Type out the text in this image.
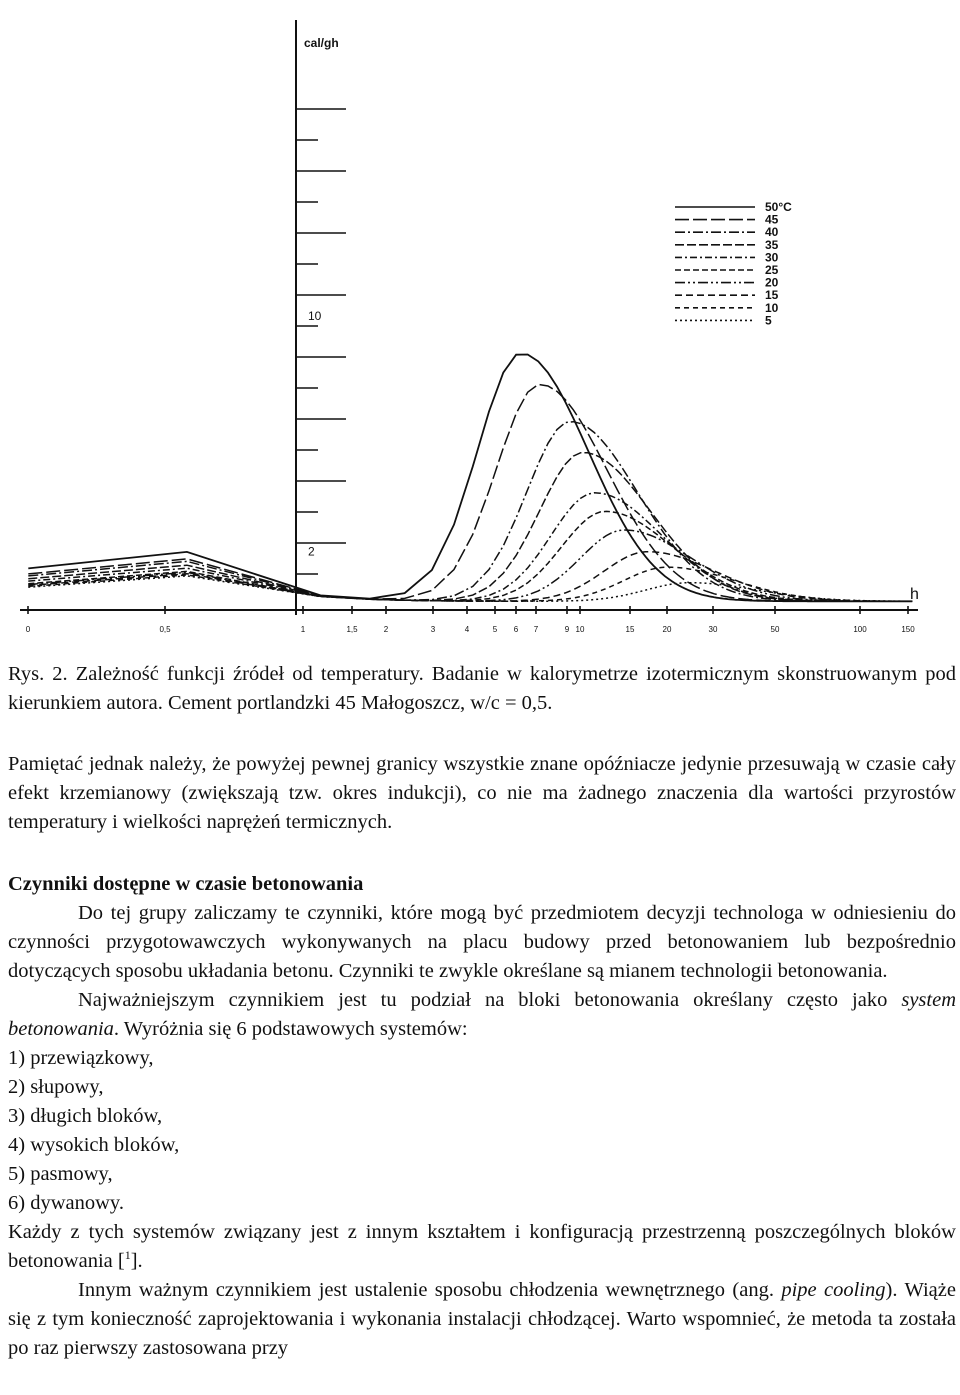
0	0,5	1	1,5	2	3	4	5 6 7	9 10	15	20	30	50	100	150
10
2
50°C
45
40
35
30
25
20
15
10
5
cal/gh
h
Rys. 2. Zależność funkcji źródeł od temperatury. Badanie w kalorymetrze izotermicznym skonstruowanym pod kierunkiem autora. Cement portlandzki 45 Małogoszcz, w/c = 0,5.
Pamiętać jednak należy, że powyżej pewnej granicy wszystkie znane opóźniacze jedynie przesuwają w czasie cały efekt krzemianowy (zwiększają tzw. okres indukcji), co nie ma żadnego znaczenia dla wartości przyrostów temperatury i wielkości naprężeń termicznych.

Czynniki dostępne w czasie betonowania

Do tej grupy zaliczamy te czynniki, które mogą być przedmiotem decyzji technologa w odniesieniu do czynności przygotowawczych wykonywanych na placu budowy przed betonowaniem lub bezpośrednio dotyczących sposobu układania betonu. Czynniki te zwykle określane są mianem technologii betonowania.

Najważniejszym czynnikiem jest tu podział na bloki betonowania określany często jako system betonowania. Wyróżnia się 6 podstawowych systemów:

1) przewiązkowy,
2) słupowy,
3) długich bloków,
4) wysokich bloków,
5) pasmowy,
6) dywanowy.

Każdy z tych systemów związany jest z innym kształtem i konfiguracją przestrzenną poszczególnych bloków betonowania [$^1$].

Innym ważnym czynnikiem jest ustalenie sposobu chłodzenia wewnętrznego (ang. pipe cooling). Wiąże się z tym konieczność zaprojektowania i wykonania instalacji chłodzącej. Warto wspomnieć, że metoda ta została po raz pierwszy zastosowana przy
